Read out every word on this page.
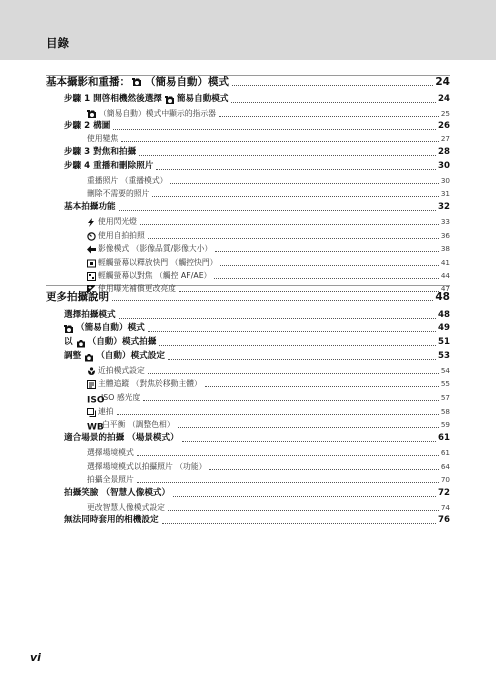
目錄
基本攝影和重播： （簡易自動）模式	24
步驟 1 開啓相機然後選擇 簡易自動模式	24
（簡易自動）模式中顯示的指示器	25
步驟 2 構圖	26
使用變焦	27
步驟 3 對焦和拍攝	28
步驟 4 重播和刪除照片	30
重播照片 （重播模式）	30
刪除不需要的照片	31
基本拍攝功能	32
使用閃光燈	33
使用自拍拍照	36
影像模式 （影像品質/影像大小）	38
輕觸螢幕以釋放快門 （觸控快門）	41
輕觸螢幕以對焦 （觸控 AF/AE）	44
使用曝光補償更改亮度	47
更多拍攝說明	48
選擇拍攝模式	48
（簡易自動）模式	49
以 （自動）模式拍攝	51
調整 （自動）模式設定	53
近拍模式設定	54
主體追蹤 （對焦於移動主體）	55
ISO
ISO 感光度	57
連拍	58
WB
白平衡 （調整色相）	59
適合場景的拍攝 （場景模式）	61
選擇場境模式	61
選擇場境模式以拍攝照片 （功能）	64
拍攝全景照片	70
拍攝笑臉 （智慧人像模式）	72
更改智慧人像模式設定	74
無法同時套用的相機設定	76
vi
